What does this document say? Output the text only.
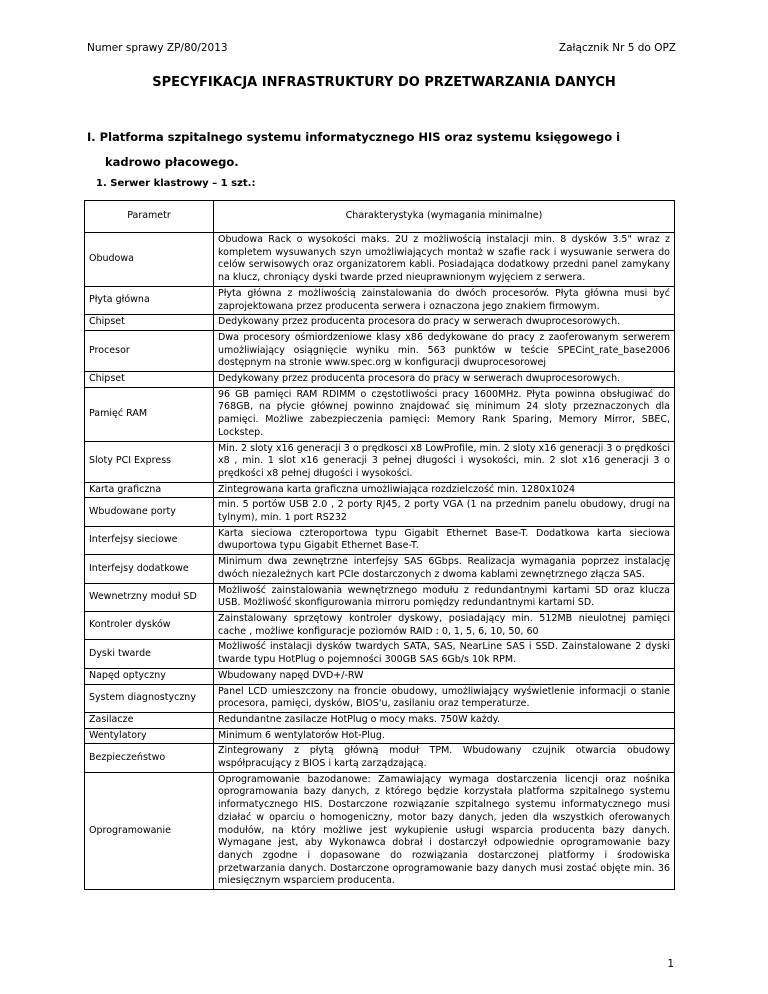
Numer sprawy ZP/80/2013	Załącznik Nr 5 do OPZ
SPECYFIKACJA INFRASTRUKTURY DO PRZETWARZANIA DANYCH
I. Platforma szpitalnego systemu informatycznego HIS oraz systemu księgowego i
kadrowo płacowego.
1. Serwer klastrowy – 1 szt.:
Parametr	Charakterystyka (wymagania minimalne)
Obudowa	Obudowa Rack o wysokości maks. 2U z możliwością instalacji min. 8 dysków 3.5" wraz z kompletem wysuwanych szyn umożliwiających montaż w szafie rack i wysuwanie serwera do celów serwisowych oraz organizatorem kabli. Posiadająca dodatkowy przedni panel zamykany na klucz, chroniący dyski twarde przed nieuprawnionym wyjęciem z serwera.
Płyta główna	Płyta główna z możliwością zainstalowania do dwóch procesorów. Płyta główna musi być zaprojektowana przez producenta serwera i oznaczona jego znakiem firmowym.
Chipset	Dedykowany przez producenta procesora do pracy w serwerach dwuprocesorowych.
Procesor	Dwa procesory ośmiordzeniowe klasy x86 dedykowane do pracy z zaoferowanym serwerem umożliwiający osiągnięcie wyniku min. 563 punktów w teście SPECint_rate_base2006 dostępnym na stronie www.spec.org w konfiguracji dwuprocesorowej
Chipset	Dedykowany przez producenta procesora do pracy w serwerach dwuprocesorowych.
Pamięć RAM	96 GB pamięci RAM RDIMM o częstotliwości pracy 1600MHz. Płyta powinna obsługiwać do 768GB, na płycie głównej powinno znajdować się minimum 24 sloty przeznaczonych dla pamięci. Możliwe zabezpieczenia pamięci: Memory Rank Sparing, Memory Mirror, SBEC, Lockstep.
Sloty PCI Express	Min. 2 sloty x16 generacji 3 o prędkosci x8 LowProfile, min. 2 sloty x16 generacji 3 o prędkości x8 , min. 1 slot x16 generacji 3 pełnej długości i wysokości, min. 2 slot x16 generacji 3 o prędkości x8 pełnej długości i wysokości.
Karta graficzna	Zintegrowana karta graficzna umożliwiająca rozdzielczość min. 1280x1024
Wbudowane porty	min. 5 portów USB 2.0 , 2 porty RJ45, 2 porty VGA (1 na przednim panelu obudowy, drugi na tylnym), min. 1 port RS232
Interfejsy sieciowe	Karta sieciowa czteroportowa typu Gigabit Ethernet Base-T. Dodatkowa karta sieciowa dwuportowa typu Gigabit Ethernet Base-T.
Interfejsy dodatkowe	Minimum dwa zewnętrzne interfejsy SAS 6Gbps. Realizacja wymagania poprzez instalację dwóch niezależnych kart PCIe dostarczonych z dwoma kablami zewnętrznego złącza SAS.
Wewnetrzny moduł SD	Możliwość zainstalowania wewnętrznego modułu z redundantnymi kartami SD oraz klucza USB. Możliwość skonfigurowania mirroru pomiędzy redundantnymi kartami SD.
Kontroler dysków	Zainstalowany sprzętowy kontroler dyskowy, posiadający min. 512MB nieulotnej pamięci cache , możliwe konfiguracje poziomów RAID : 0, 1, 5, 6, 10, 50, 60
Dyski twarde	Możliwość instalacji dysków twardych SATA, SAS, NearLine SAS i SSD. Zainstalowane 2 dyski twarde typu HotPlug o pojemności 300GB SAS 6Gb/s 10k RPM.
Napęd optyczny	Wbudowany napęd DVD+/-RW
System diagnostyczny	Panel LCD umieszczony na froncie obudowy, umożliwiający wyświetlenie informacji o stanie procesora, pamięci, dysków, BIOS'u, zasilaniu oraz temperaturze.
Zasilacze	Redundantne zasilacze HotPlug o mocy maks. 750W każdy.
Wentylatory	Minimum 6 wentylatorów Hot-Plug.
Bezpieczeństwo	Zintegrowany z płytą główną moduł TPM. Wbudowany czujnik otwarcia obudowy współpracujący z BIOS i kartą zarządzającą.
Oprogramowanie	Oprogramowanie bazodanowe: Zamawiający wymaga dostarczenia licencji oraz nośnika oprogramowania bazy danych, z którego będzie korzystała platforma szpitalnego systemu informatycznego HIS. Dostarczone rozwiązanie szpitalnego systemu informatycznego musi działać w oparciu o homogeniczny, motor bazy danych, jeden dla wszystkich oferowanych modułów, na który możliwe jest wykupienie usługi wsparcia producenta bazy danych. Wymagane jest, aby Wykonawca dobrał i dostarczył odpowiednie oprogramowanie bazy danych zgodne i dopasowane do rozwiązania dostarczonej platformy i środowiska przetwarzania danych. Dostarczone oprogramowanie bazy danych musi zostać objęte min. 36 miesięcznym wsparciem producenta.
1
